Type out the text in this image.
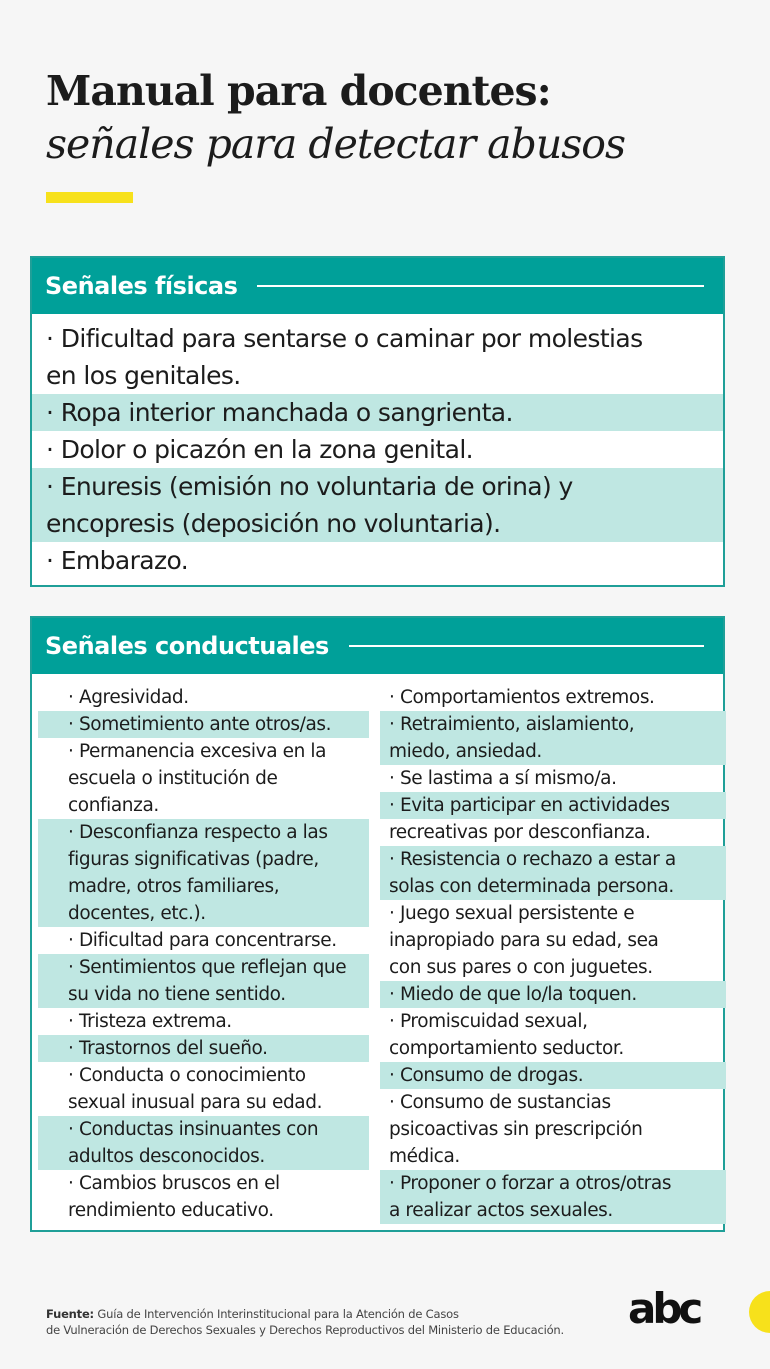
Manual para docentes:
señales para detectar abusos
Señales físicas
· Dificultad para sentarse o caminar por molestias
en los genitales.
· Ropa interior manchada o sangrienta.
· Dolor o picazón en la zona genital.
· Enuresis (emisión no voluntaria de orina) y
encopresis (deposición no voluntaria).
· Embarazo.
Señales conductuales
· Agresividad.
· Sometimiento ante otros/as.
· Permanencia excesiva en la
escuela o institución de
confianza.
· Desconfianza respecto a las
figuras significativas (padre,
madre, otros familiares,
docentes, etc.).
· Dificultad para concentrarse.
· Sentimientos que reflejan que
su vida no tiene sentido.
· Tristeza extrema.
· Trastornos del sueño.
· Conducta o conocimiento
sexual inusual para su edad.
· Conductas insinuantes con
adultos desconocidos.
· Cambios bruscos en el
rendimiento educativo.
· Comportamientos extremos.
· Retraimiento, aislamiento,
miedo, ansiedad.
· Se lastima a sí mismo/a.
· Evita participar en actividades
recreativas por desconfianza.
· Resistencia o rechazo a estar a
solas con determinada persona.
· Juego sexual persistente e
inapropiado para su edad, sea
con sus pares o con juguetes.
· Miedo de que lo/la toquen.
· Promiscuidad sexual,
comportamiento seductor.
· Consumo de drogas.
· Consumo de sustancias
psicoactivas sin prescripción
médica.
· Proponer o forzar a otros/otras
a realizar actos sexuales.
Fuente: Guía de Intervención Interinstitucional para la Atención de Casos
de Vulneración de Derechos Sexuales y Derechos Reproductivos del Ministerio de Educación. abc
